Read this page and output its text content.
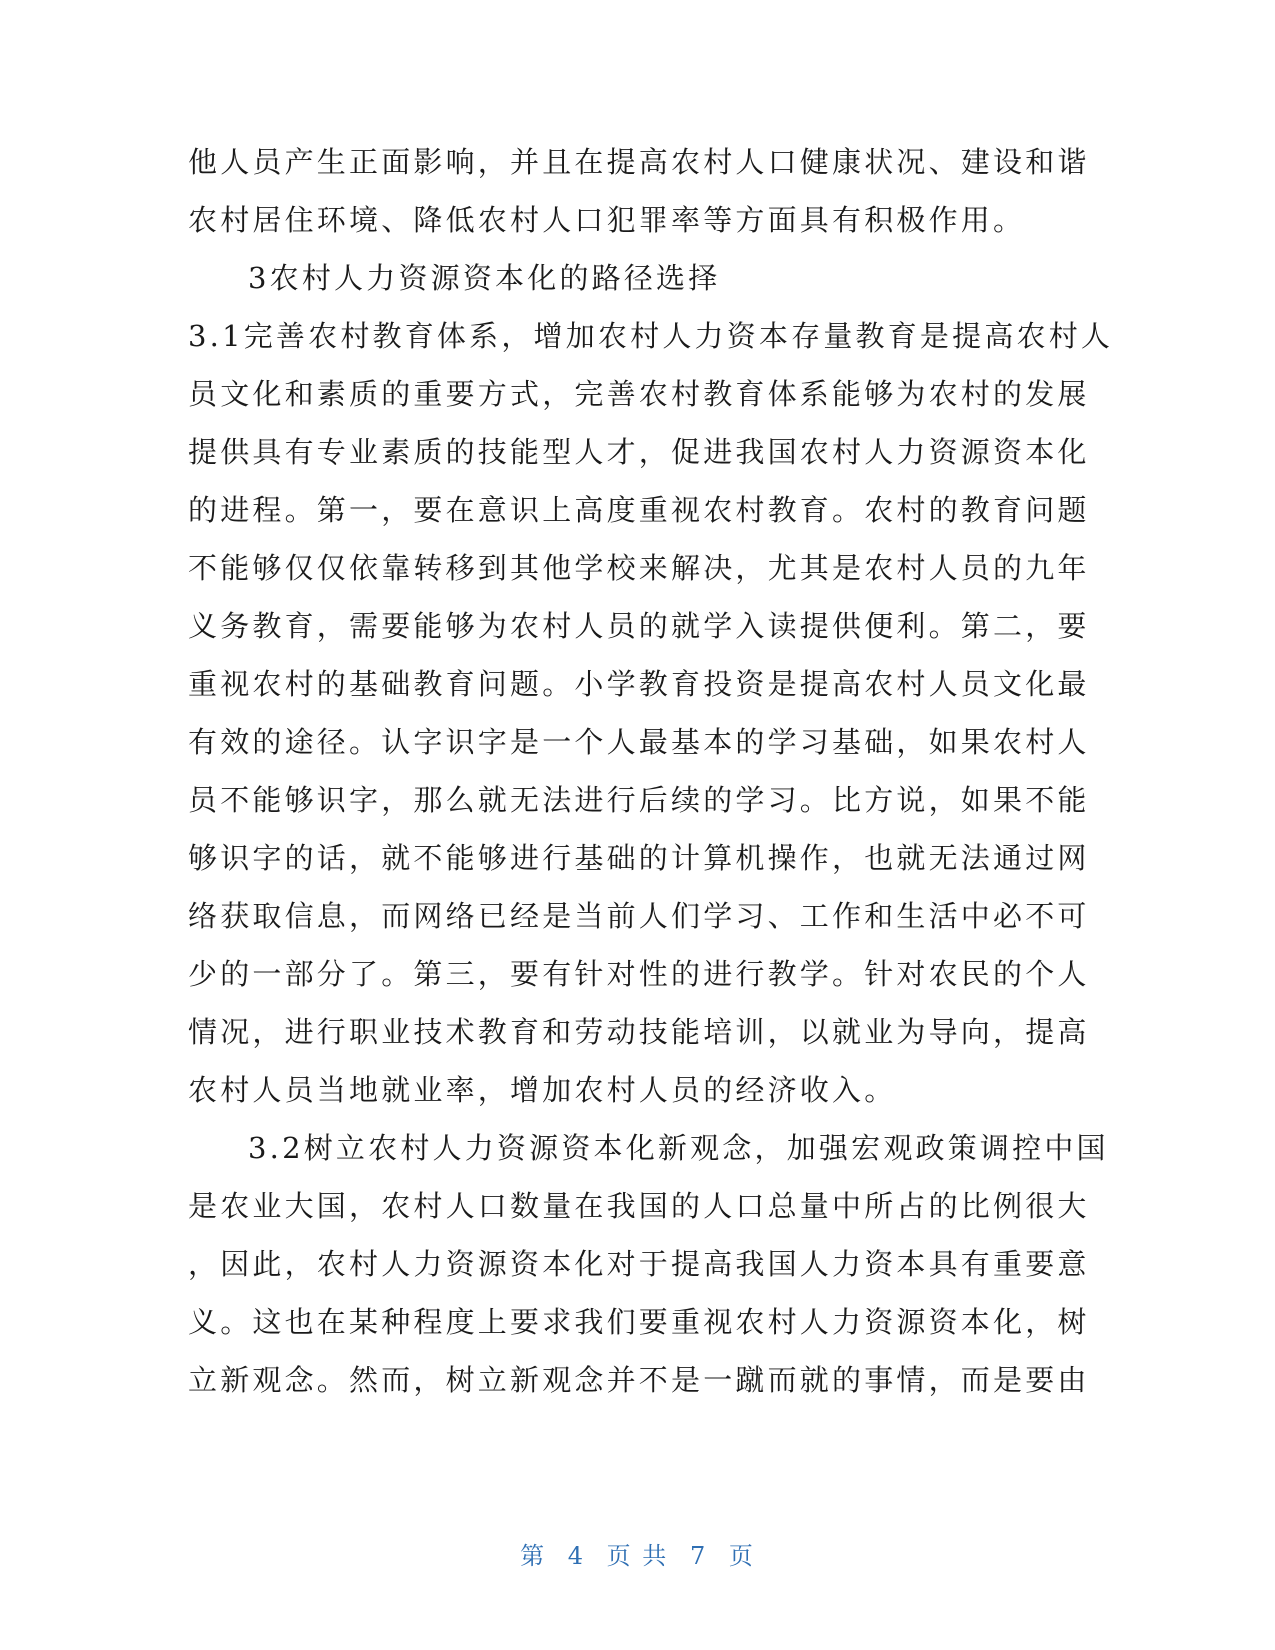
他人员产生正面影响，并且在提高农村人口健康状况、建设和谐
农村居住环境、降低农村人口犯罪率等方面具有积极作用。
3农村人力资源资本化的路径选择
3.1完善农村教育体系，增加农村人力资本存量教育是提高农村人
员文化和素质的重要方式，完善农村教育体系能够为农村的发展
提供具有专业素质的技能型人才，促进我国农村人力资源资本化
的进程。第一，要在意识上高度重视农村教育。农村的教育问题
不能够仅仅依靠转移到其他学校来解决，尤其是农村人员的九年
义务教育，需要能够为农村人员的就学入读提供便利。第二，要
重视农村的基础教育问题。小学教育投资是提高农村人员文化最
有效的途径。认字识字是一个人最基本的学习基础，如果农村人
员不能够识字，那么就无法进行后续的学习。比方说，如果不能
够识字的话，就不能够进行基础的计算机操作，也就无法通过网
络获取信息，而网络已经是当前人们学习、工作和生活中必不可
少的一部分了。第三，要有针对性的进行教学。针对农民的个人
情况，进行职业技术教育和劳动技能培训，以就业为导向，提高
农村人员当地就业率，增加农村人员的经济收入。
3.2树立农村人力资源资本化新观念，加强宏观政策调控中国
是农业大国，农村人口数量在我国的人口总量中所占的比例很大
，因此，农村人力资源资本化对于提高我国人力资本具有重要意
义。这也在某种程度上要求我们要重视农村人力资源资本化，树
立新观念。然而，树立新观念并不是一蹴而就的事情，而是要由
第 4 页 共 7 页
